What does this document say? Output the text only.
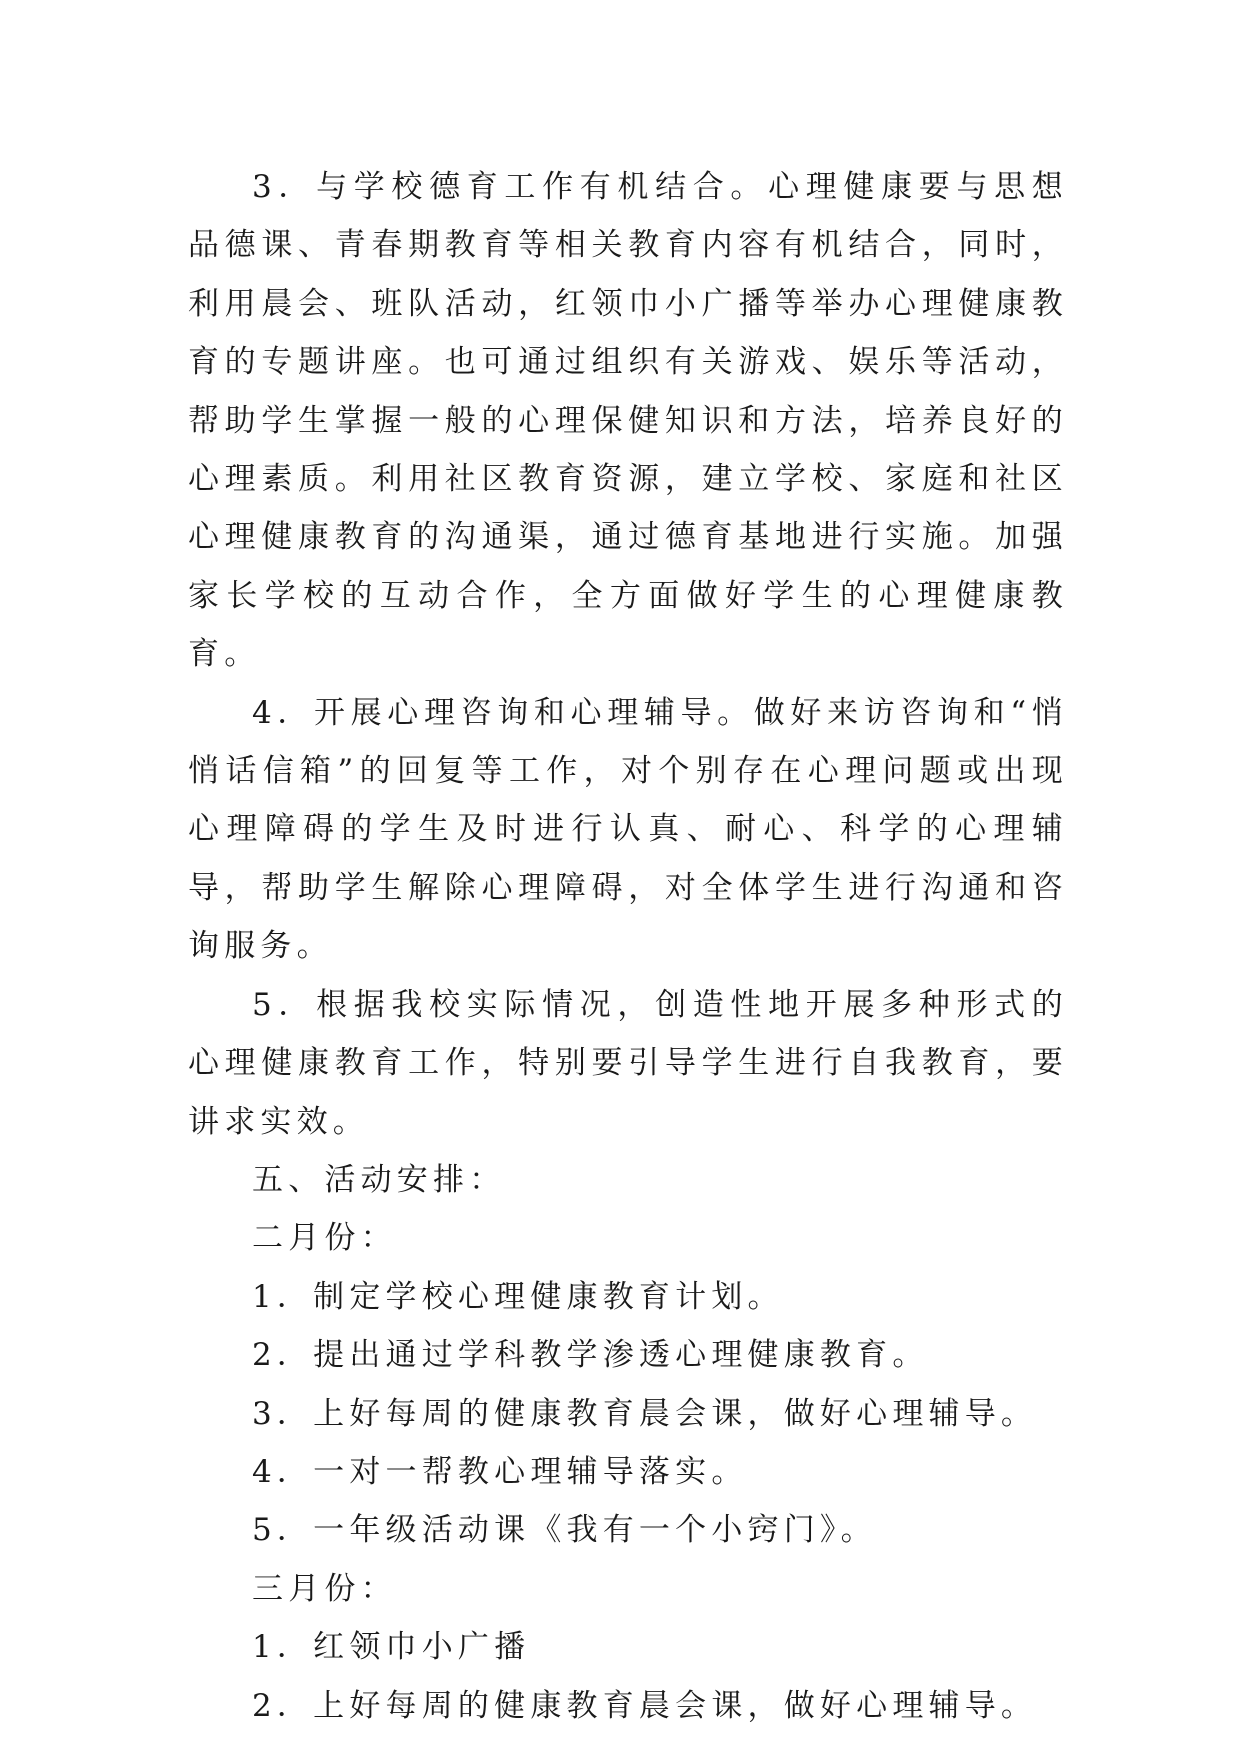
3．与学校德育工作有机结合。心理健康要与思想品德课、青春期教育等相关教育内容有机结合，同时，利用晨会、班队活动，红领巾小广播等举办心理健康教育的专题讲座。也可通过组织有关游戏、娱乐等活动，帮助学生掌握一般的心理保健知识和方法，培养良好的心理素质。利用社区教育资源，建立学校、家庭和社区心理健康教育的沟通渠，通过德育基地进行实施。加强家长学校的互动合作，全方面做好学生的心理健康教育。

4．开展心理咨询和心理辅导。做好来访咨询和“悄悄话信箱”的回复等工作，对个别存在心理问题或出现心理障碍的学生及时进行认真、耐心、科学的心理辅导，帮助学生解除心理障碍，对全体学生进行沟通和咨询服务。

5．根据我校实际情况，创造性地开展多种形式的心理健康教育工作，特别要引导学生进行自我教育，要讲求实效。

五、活动安排：

二月份：

1．制定学校心理健康教育计划。

2．提出通过学科教学渗透心理健康教育。

3．上好每周的健康教育晨会课，做好心理辅导。

4．一对一帮教心理辅导落实。

5．一年级活动课《我有一个小窍门》。

三月份：

1．红领巾小广播

2．上好每周的健康教育晨会课，做好心理辅导。
